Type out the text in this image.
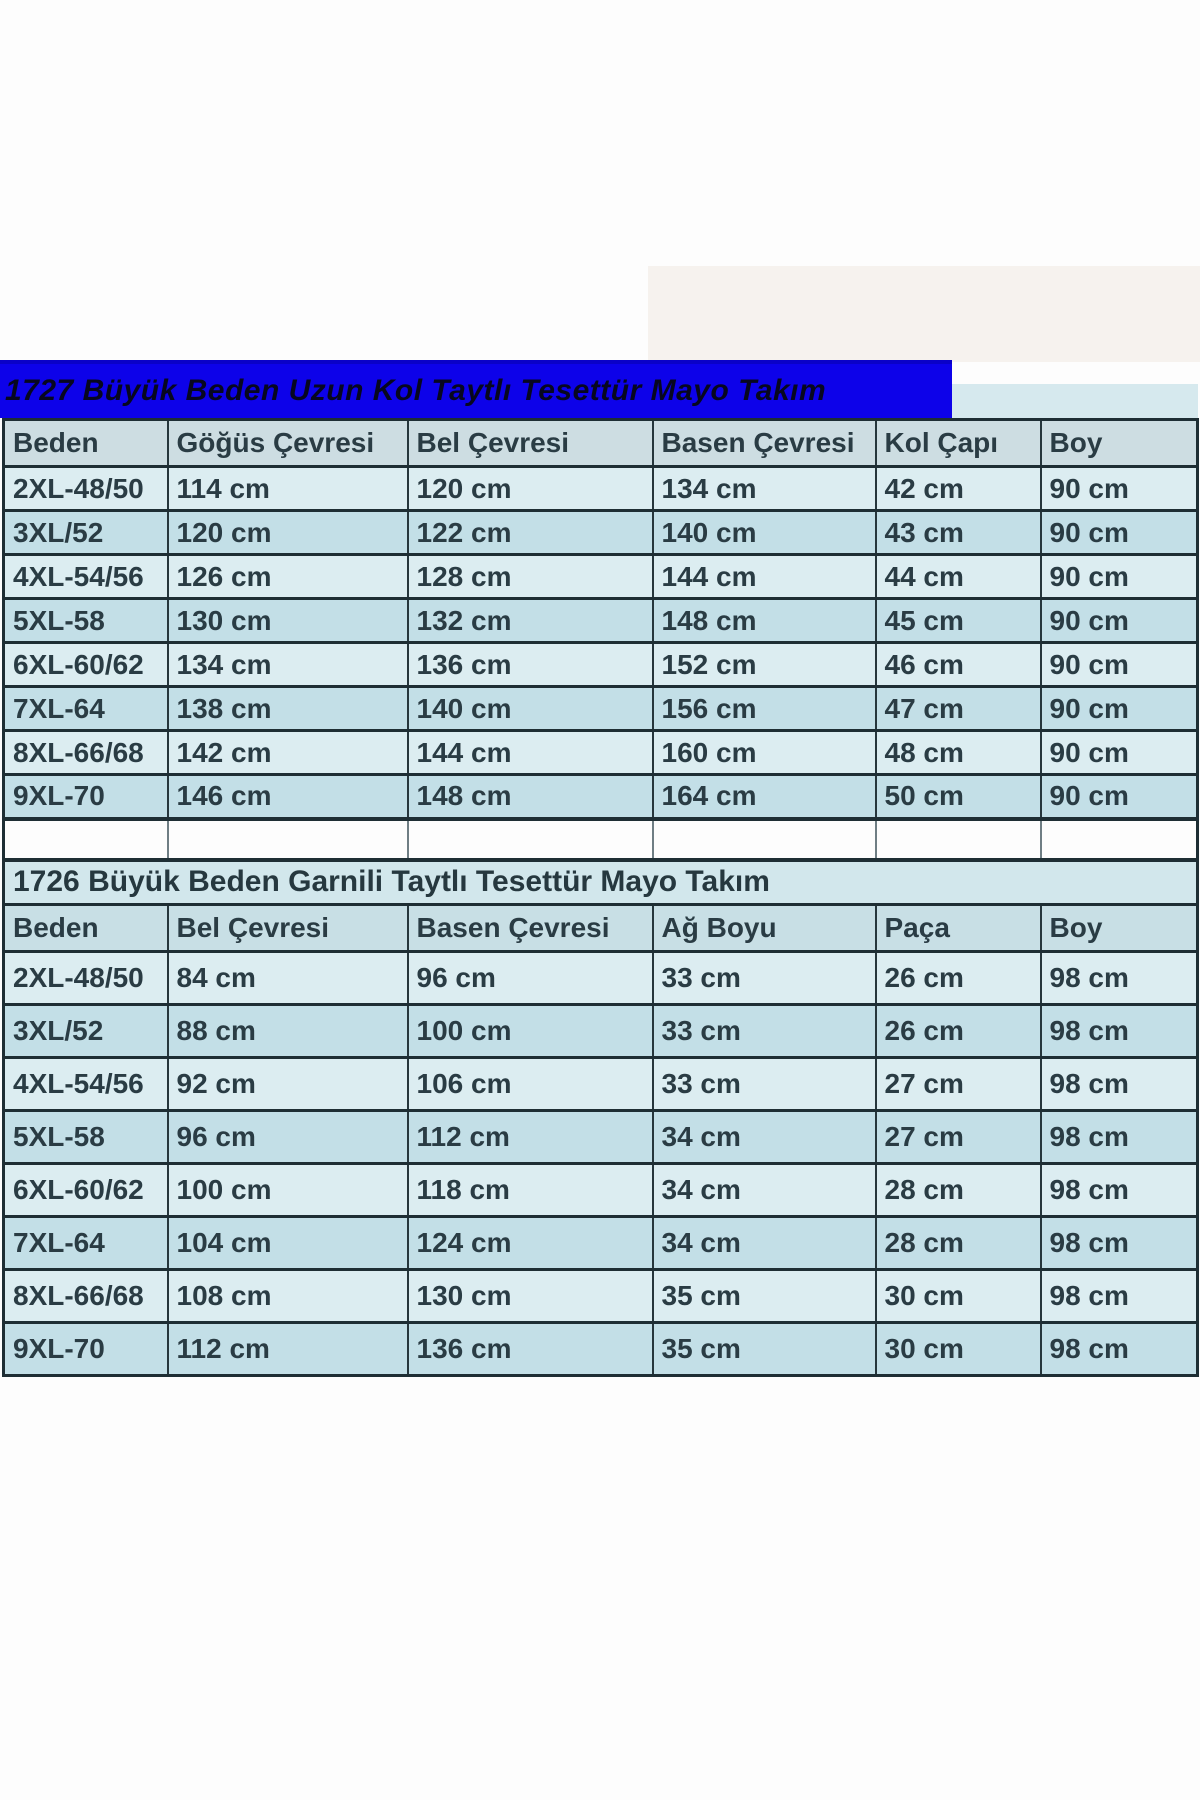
1727 Büyük Beden Uzun Kol Taytlı Tesettür Mayo Takım
Beden	Göğüs Çevresi	Bel Çevresi	Basen Çevresi	Kol Çapı	Boy
2XL-48/50	114 cm	120 cm	134 cm	42 cm	90 cm
3XL/52	120 cm	122 cm	140 cm	43 cm	90 cm
4XL-54/56	126 cm	128 cm	144 cm	44 cm	90 cm
5XL-58	130 cm	132 cm	148 cm	45 cm	90 cm
6XL-60/62	134 cm	136 cm	152 cm	46 cm	90 cm
7XL-64	138 cm	140 cm	156 cm	47 cm	90 cm
8XL-66/68	142 cm	144 cm	160 cm	48 cm	90 cm
9XL-70	146 cm	148 cm	164 cm	50 cm	90 cm

1726 Büyük Beden Garnili Taytlı Tesettür Mayo Takım					
Beden	Bel Çevresi	Basen Çevresi	Ağ Boyu	Paça	Boy
2XL-48/50	84 cm	96 cm	33 cm	26 cm	98 cm
3XL/52	88 cm	100 cm	33 cm	26 cm	98 cm
4XL-54/56	92 cm	106 cm	33 cm	27 cm	98 cm
5XL-58	96 cm	112 cm	34 cm	27 cm	98 cm
6XL-60/62	100 cm	118 cm	34 cm	28 cm	98 cm
7XL-64	104 cm	124 cm	34 cm	28 cm	98 cm
8XL-66/68	108 cm	130 cm	35 cm	30 cm	98 cm
9XL-70	112 cm	136 cm	35 cm	30 cm	98 cm
